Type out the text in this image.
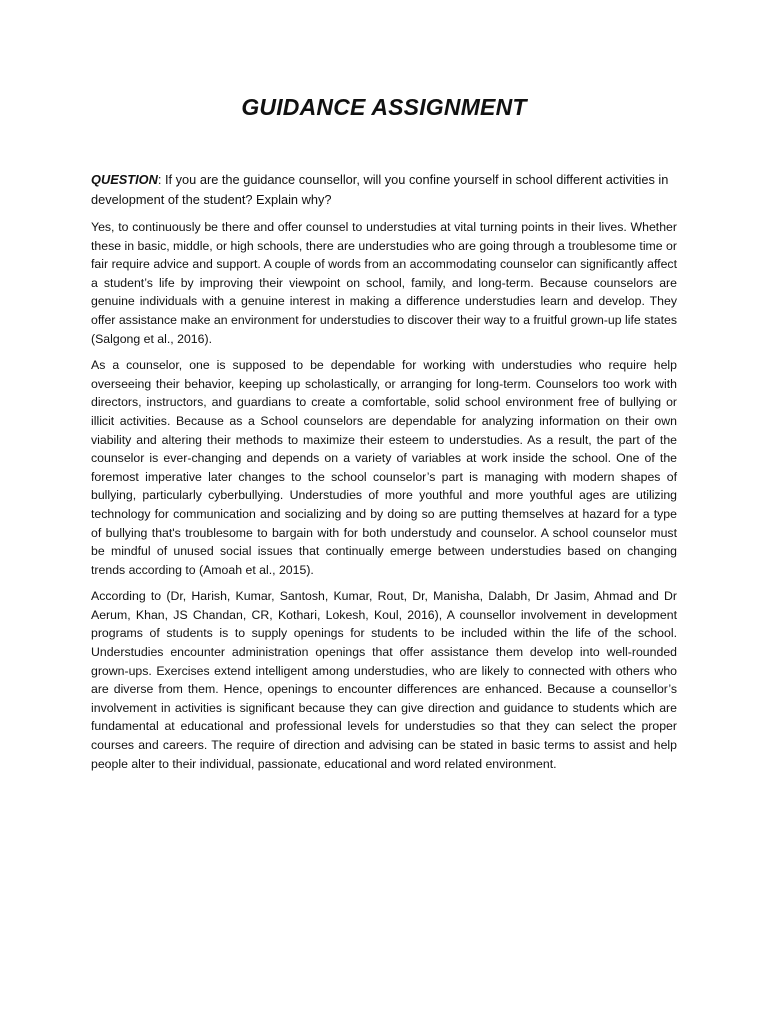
GUIDANCE ASSIGNMENT

QUESTION: If you are the guidance counsellor, will you confine yourself in school different activities in development of the student? Explain why?

Yes, to continuously be there and offer counsel to understudies at vital turning points in their lives. Whether these in basic, middle, or high schools, there are understudies who are going through a troublesome time or fair require advice and support. A couple of words from an accommodating counselor can significantly affect a student’s life by improving their viewpoint on school, family, and long-term. Because counselors are genuine individuals with a genuine interest in making a difference understudies learn and develop. They offer assistance make an environment for understudies to discover their way to a fruitful grown-up life states (Salgong et al., 2016).

As a counselor, one is supposed to be dependable for working with understudies who require help overseeing their behavior, keeping up scholastically, or arranging for long-term. Counselors too work with directors, instructors, and guardians to create a comfortable, solid school environment free of bullying or illicit activities. Because as a School counselors are dependable for analyzing information on their own viability and altering their methods to maximize their esteem to understudies. As a result, the part of the counselor is ever-changing and depends on a variety of variables at work inside the school. One of the foremost imperative later changes to the school counselor’s part is managing with modern shapes of bullying, particularly cyberbullying. Understudies of more youthful and more youthful ages are utilizing technology for communication and socializing and by doing so are putting themselves at hazard for a type of bullying that's troublesome to bargain with for both understudy and counselor. A school counselor must be mindful of unused social issues that continually emerge between understudies based on changing trends according to (Amoah et al., 2015).

According to (Dr, Harish, Kumar, Santosh, Kumar, Rout, Dr, Manisha, Dalabh, Dr Jasim, Ahmad and Dr Aerum, Khan, JS Chandan, CR, Kothari, Lokesh, Koul, 2016), A counsellor involvement in development programs of students is to supply openings for students to be included within the life of the school. Understudies encounter administration openings that offer assistance them develop into well-rounded grown-ups. Exercises extend intelligent among understudies, who are likely to connected with others who are diverse from them. Hence, openings to encounter differences are enhanced. Because a counsellor’s involvement in activities is significant because they can give direction and guidance to students which are fundamental at educational and professional levels for understudies so that they can select the proper courses and careers. The require of direction and advising can be stated in basic terms to assist and help people alter to their individual, passionate, educational and word related environment.
